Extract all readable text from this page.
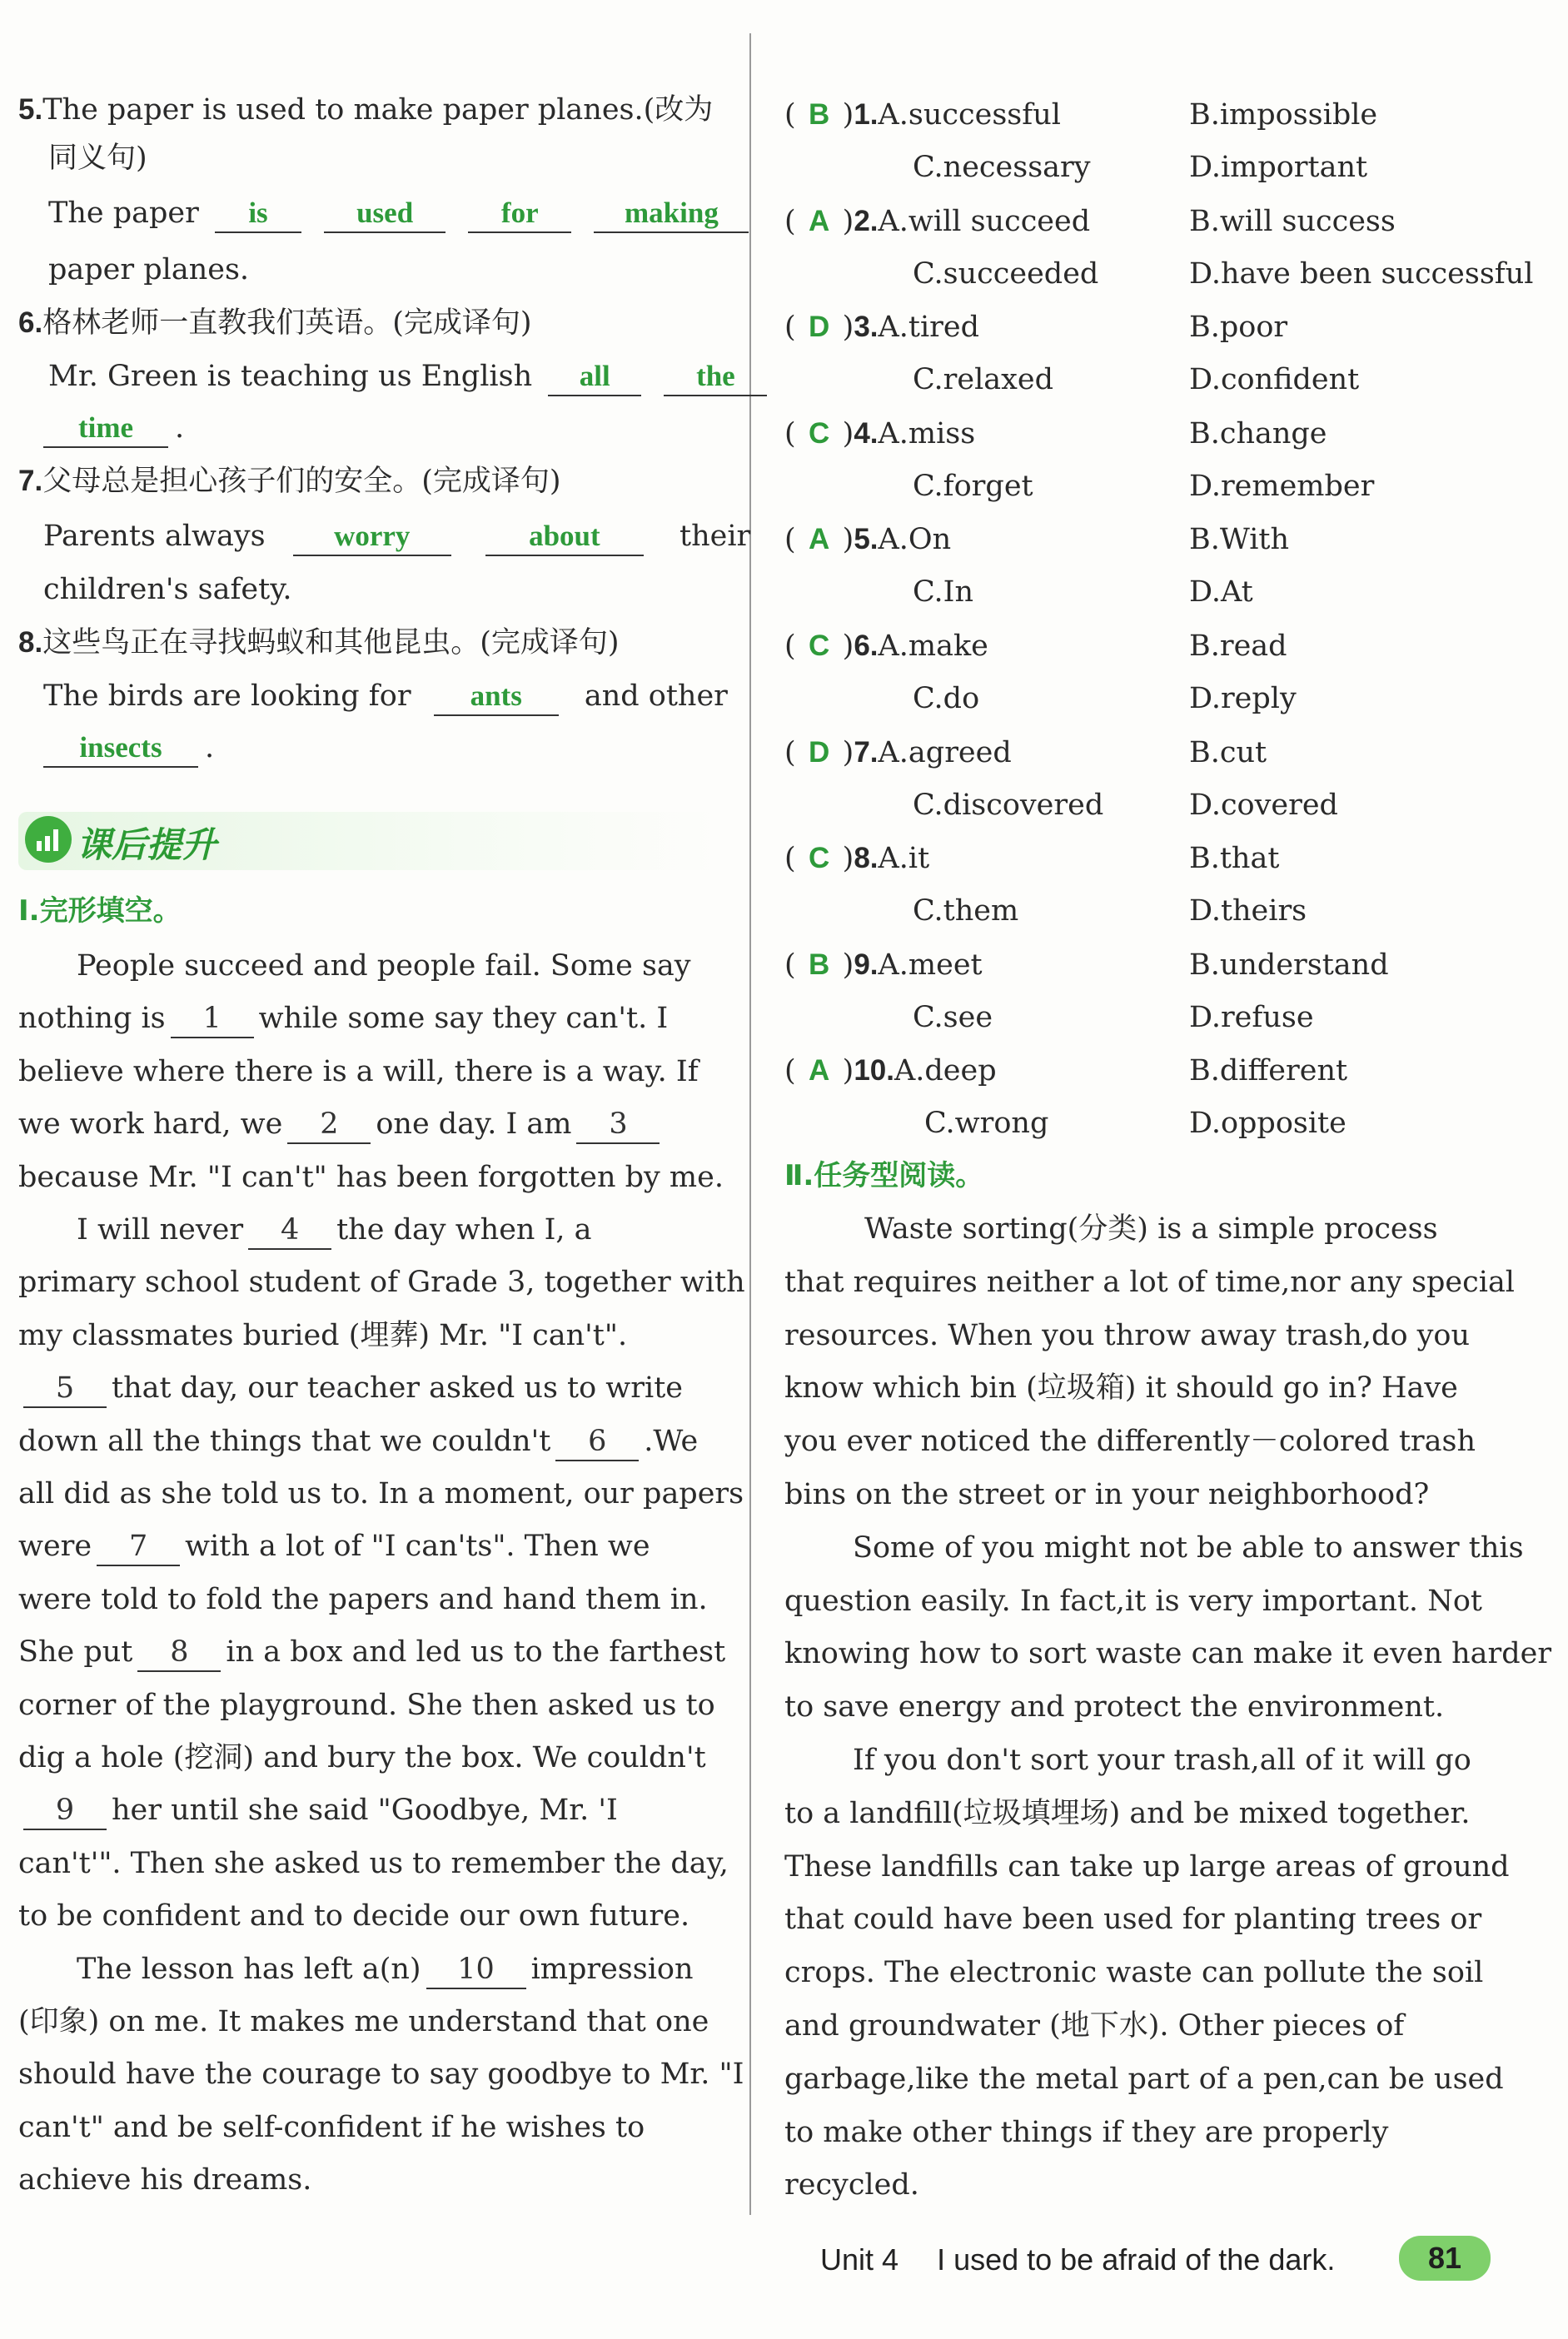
5.The paper is used to make paper planes.(改为
同义句)
The paper is	used	for	making
paper planes.
6.格林老师一直教我们英语。(完成译句)
Mr. Green is teaching us English all	the
time .
7.父母总是担心孩子们的安全。(完成译句)
Parents always worry	about	their
children's safety.
8.这些鸟正在寻找蚂蚁和其他昆虫。(完成译句)
The birds are looking for ants and other
insects .
课后提升
Ⅰ.完形填空。
People succeed and people fail. Some say
nothing is 1 while some say they can't. I
believe where there is a will, there is a way. If
we work hard, we 2 one day. I am 3
because Mr. "I can't" has been forgotten by me.
I will never 4 the day when I, a
primary school student of Grade 3, together with
my classmates buried (埋葬) Mr. "I can't".
5 that day, our teacher asked us to write
down all the things that we couldn't 6 .We
all did as she told us to. In a moment, our papers
were 7 with a lot of "I can'ts". Then we
were told to fold the papers and hand them in.
She put 8 in a box and led us to the farthest
corner of the playground. She then asked us to
dig a hole (挖洞) and bury the box. We couldn't
9 her until she said "Goodbye, Mr. 'I
can't'". Then she asked us to remember the day,
to be confident and to decide our own future.
The lesson has left a(n) 10 impression
(印象) on me. It makes me understand that one
should have the courage to say goodbye to Mr. "I
can't" and be self-confident if he wishes to
achieve his dreams.
( B )1.A.successful	B.impossible
C.necessary	D.important
( A )2.A.will succeed	B.will success
C.succeeded	D.have been successful
( D )3.A.tired	B.poor
C.relaxed	D.confident
( C )4.A.miss	B.change
C.forget	D.remember
( A )5.A.On	B.With
C.In	D.At
( C )6.A.make	B.read
C.do	D.reply
( D )7.A.agreed	B.cut
C.discovered	D.covered
( C )8.A.it	B.that
C.them	D.theirs
( B )9.A.meet	B.understand
C.see	D.refuse
( A )10.A.deep	B.different
C.wrong	D.opposite
Ⅱ.任务型阅读。
Waste sorting(分类) is a simple process
that requires neither a lot of time,nor any special
resources. When you throw away trash,do you
know which bin (垃圾箱) it should go in? Have
you ever noticed the differently－colored trash
bins on the street or in your neighborhood?
Some of you might not be able to answer this
question easily. In fact,it is very important. Not
knowing how to sort waste can make it even harder
to save energy and protect the environment.
If you don't sort your trash,all of it will go
to a landfill(垃圾填埋场) and be mixed together.
These landfills can take up large areas of ground
that could have been used for planting trees or
crops. The electronic waste can pollute the soil
and groundwater (地下水). Other pieces of
garbage,like the metal part of a pen,can be used
to make other things if they are properly
recycled.
Unit 4 I used to be afraid of the dark.	81
